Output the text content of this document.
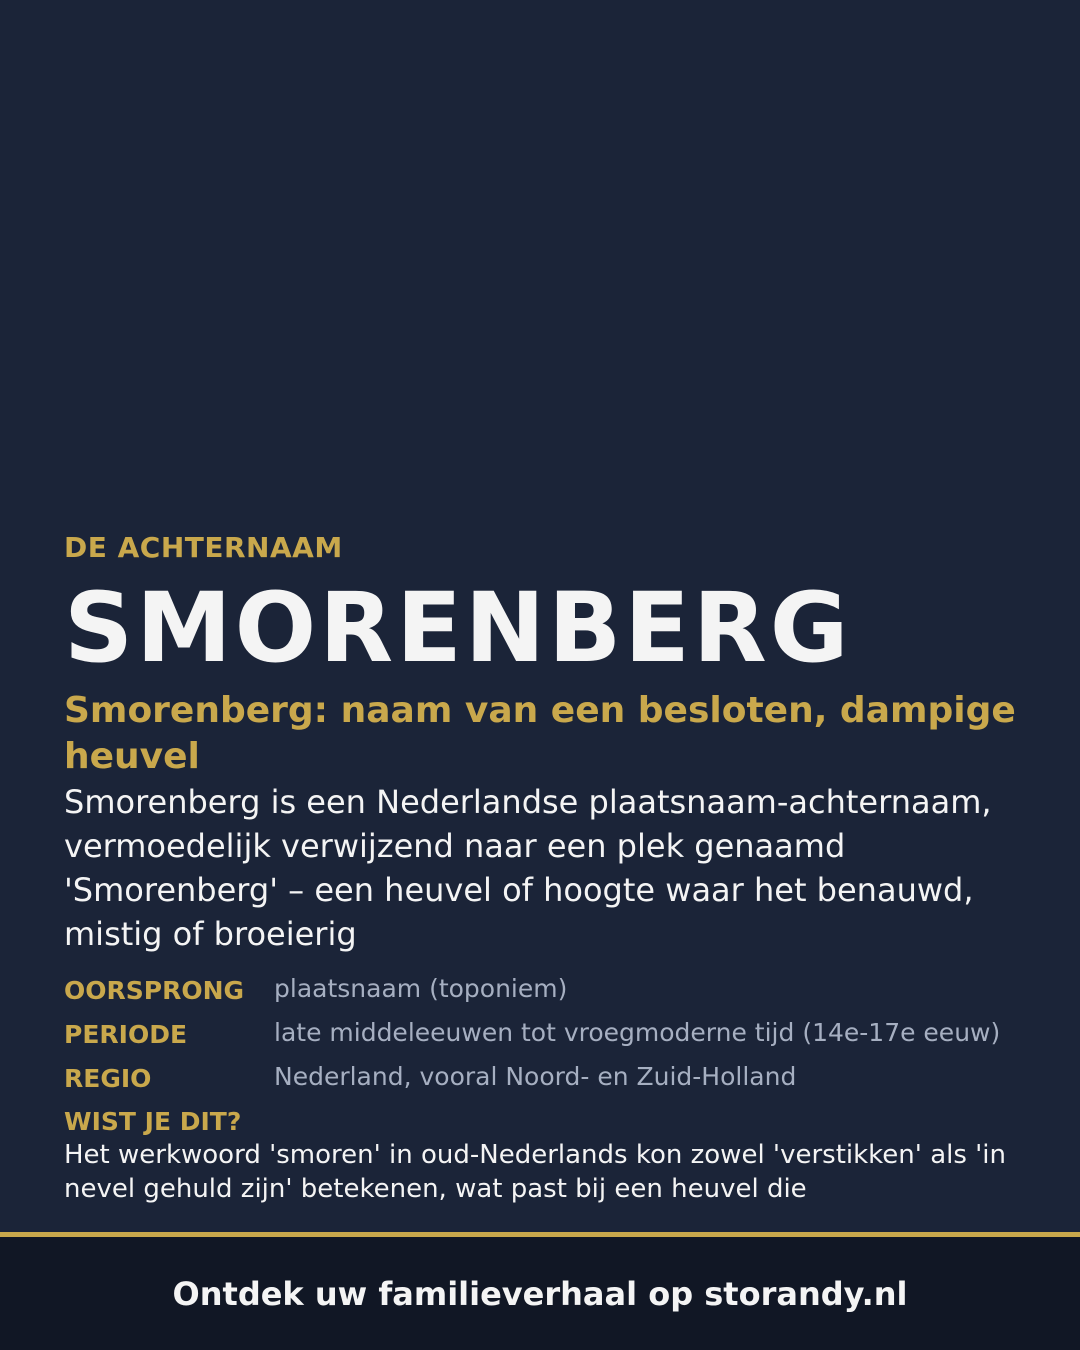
DE ACHTERNAAM

SMORENBERG
Smorenberg: naam van een besloten, dampige heuvel

Smorenberg is een Nederlandse plaatsnaam-achternaam, vermoedelijk verwijzend naar een plek genaamd 'Smorenberg' – een heuvel of hoogte waar het benauwd, mistig of broeierig

OORSPRONG	plaatsnaam (toponiem)
PERIODE	late middeleeuwen tot vroegmoderne tijd (14e-17e eeuw)
REGIO	Nederland, vooral Noord- en Zuid-Holland

WIST JE DIT?

Het werkwoord 'smoren' in oud-Nederlands kon zowel 'verstikken' als 'in nevel gehuld zijn' betekenen, wat past bij een heuvel die

Ontdek uw familieverhaal op storandy.nl
